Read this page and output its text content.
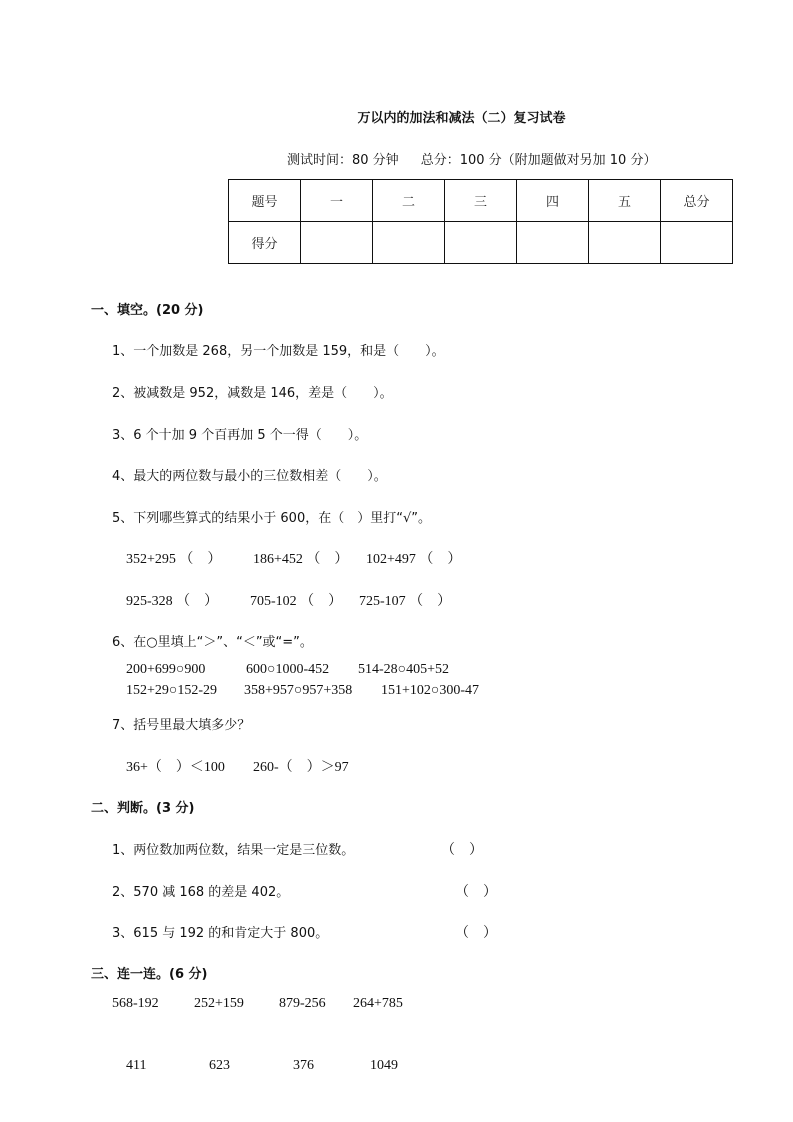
万以内的加法和减法（二）复习试卷
测试时间：80 分钟 总分：100 分（附加题做对另加 10 分）
题号	一	二	三	四	五	总分
得分						
一、填空。(20 分)
1、一个加数是 268，另一个加数是 159，和是（　　）。
2、被减数是 952，减数是 146，差是（　　）。
3、6 个十加 9 个百再加 5 个一得（　　）。
4、最大的两位数与最小的三位数相差（　　）。
5、下列哪些算式的结果小于 600，在（　）里打“√”。
352+295 （　） 186+452 （　） 102+497 （　）
925-328 （　） 705-102 （　） 725-107 （　）
6、在○里填上“＞”、“＜”或“=”。
200+699○900	600○1000-452 514-28○405+52
152+29○152-29 358+957○957+358 151+102○300-47
7、括号里最大填多少？
36+（　）＜100 260-（　）＞97
二、判断。(3 分)
1、两位数加两位数，结果一定是三位数。	（　）
2、570 减 168 的差是 402。	（　）
3、615 与 192 的和肯定大于 800。	（　）
三、连一连。(6 分)
568-192	252+159	879-256 264+785
411	623	376	1049
